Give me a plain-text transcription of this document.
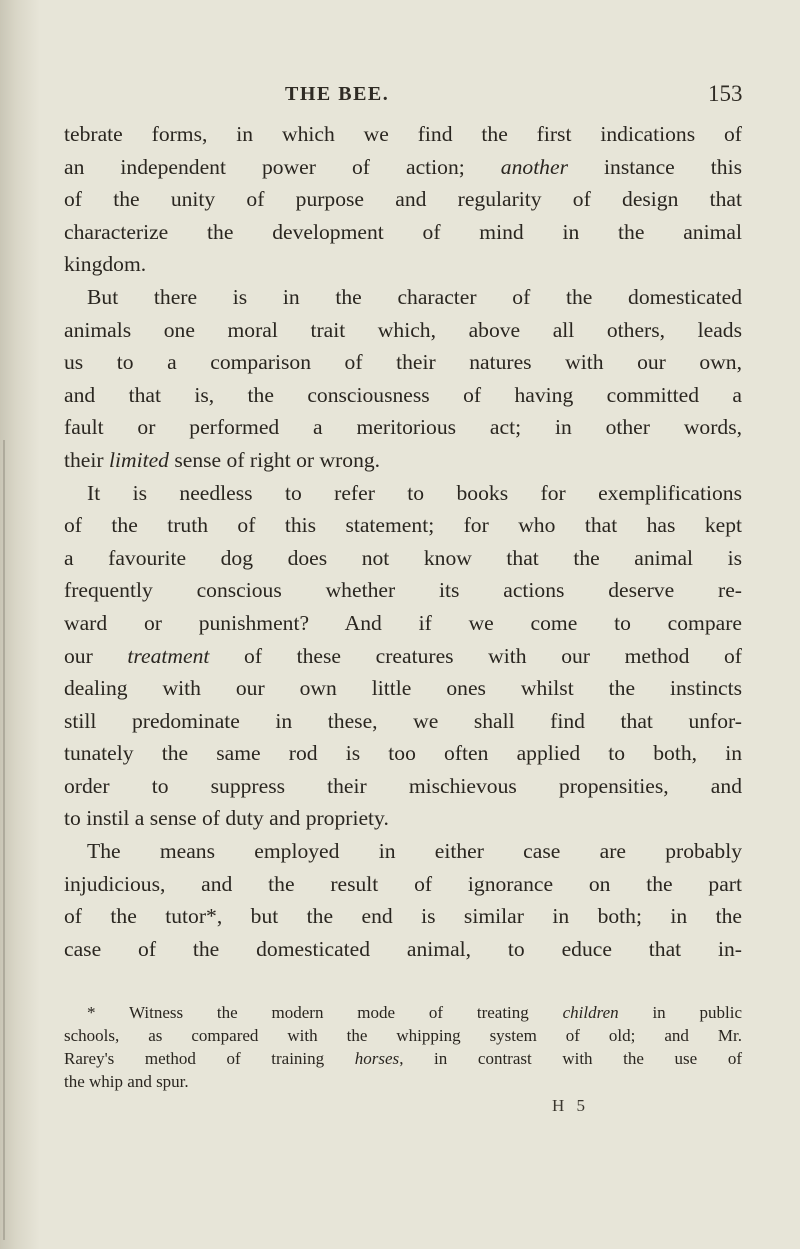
THE BEE.	153
tebrate forms, in which we find the first indications of
an independent power of action; another instance this
of the unity of purpose and regularity of design that
characterize the development of mind in the animal
kingdom.
But there is in the character of the domesticated
animals one moral trait which, above all others, leads
us to a comparison of their natures with our own,
and that is, the consciousness of having committed a
fault or performed a meritorious act; in other words,
their limited sense of right or wrong.
It is needless to refer to books for exemplifications
of the truth of this statement; for who that has kept
a favourite dog does not know that the animal is
frequently conscious whether its actions deserve re-
ward or punishment? And if we come to compare
our treatment of these creatures with our method of
dealing with our own little ones whilst the instincts
still predominate in these, we shall find that unfor-
tunately the same rod is too often applied to both, in
order to suppress their mischievous propensities, and
to instil a sense of duty and propriety.
The means employed in either case are probably
injudicious, and the result of ignorance on the part
of the tutor*, but the end is similar in both; in the
case of the domesticated animal, to educe that in-
* Witness the modern mode of treating children in public
schools, as compared with the whipping system of old; and Mr.
Rarey's method of training horses, in contrast with the use of
the whip and spur.
H 5
